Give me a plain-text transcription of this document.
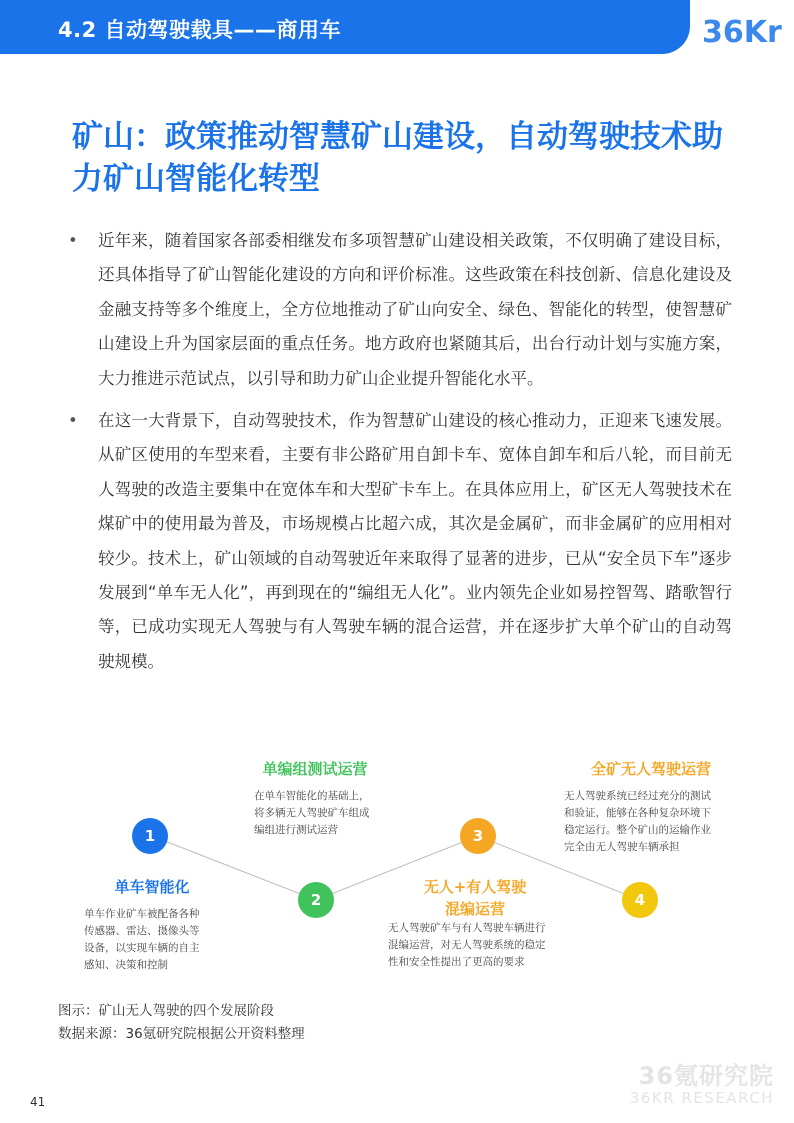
4.2 自动驾驶载具——商用车	36Kr
矿山：政策推动智慧矿山建设，自动驾驶技术助力矿山智能化转型
• 近年来，随着国家各部委相继发布多项智慧矿山建设相关政策，不仅明确了建设目标，还具体指导了矿山智能化建设的方向和评价标准。这些政策在科技创新、信息化建设及金融支持等多个维度上，全方位地推动了矿山向安全、绿色、智能化的转型，使智慧矿山建设上升为国家层面的重点任务。地方政府也紧随其后，出台行动计划与实施方案，大力推进示范试点，以引导和助力矿山企业提升智能化水平。
• 在这一大背景下，自动驾驶技术，作为智慧矿山建设的核心推动力，正迎来飞速发展。从矿区使用的车型来看，主要有非公路矿用自卸卡车、宽体自卸车和后八轮，而目前无人驾驶的改造主要集中在宽体车和大型矿卡车上。在具体应用上，矿区无人驾驶技术在煤矿中的使用最为普及，市场规模占比超六成，其次是金属矿，而非金属矿的应用相对较少。技术上，矿山领域的自动驾驶近年来取得了显著的进步，已从“安全员下车”逐步发展到“单车无人化”，再到现在的“编组无人化”。业内领先企业如易控智驾、踏歌智行等，已成功实现无人驾驶与有人驾驶车辆的混合运营，并在逐步扩大单个矿山的自动驾驶规模。
1
2
3
4
单车智能化
单车作业矿车被配备各种
传感器、雷达、摄像头等
设备，以实现车辆的自主
感知、决策和控制
单编组测试运营
在单车智能化的基础上，
将多辆无人驾驶矿车组成
编组进行测试运营
无人+有人驾驶
混编运营
无人驾驶矿车与有人驾驶车辆进行
混编运营，对无人驾驶系统的稳定
性和安全性提出了更高的要求
全矿无人驾驶运营
无人驾驶系统已经过充分的测试
和验证，能够在各种复杂环境下
稳定运行。整个矿山的运输作业
完全由无人驾驶车辆承担
图示：矿山无人驾驶的四个发展阶段
数据来源：36氪研究院根据公开资料整理
36氪研究院
36KR RESEARCH
41
